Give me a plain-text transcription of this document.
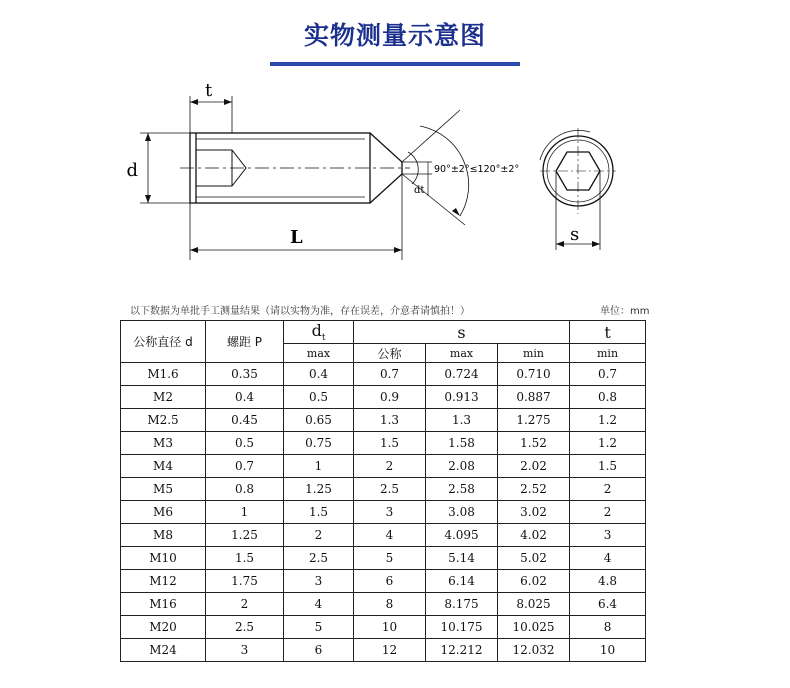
实物测量示意图
t
d
L
90°±2°≤120°±2°
dt
s
以下数据为单批手工测量结果（请以实物为准，存在误差，介意者请慎拍！）	单位：mm
公称直径 d	螺距 P	$d_t$	s			t
		max	公称	max	min	min
M1.6	0.35	0.4	0.7	0.724	0.710	0.7
M2	0.4	0.5	0.9	0.913	0.887	0.8
M2.5	0.45	0.65	1.3	1.3	1.275	1.2
M3	0.5	0.75	1.5	1.58	1.52	1.2
M4	0.7	1	2	2.08	2.02	1.5
M5	0.8	1.25	2.5	2.58	2.52	2
M6	1	1.5	3	3.08	3.02	2
M8	1.25	2	4	4.095	4.02	3
M10	1.5	2.5	5	5.14	5.02	4
M12	1.75	3	6	6.14	6.02	4.8
M16	2	4	8	8.175	8.025	6.4
M20	2.5	5	10	10.175	10.025	8
M24	3	6	12	12.212	12.032	10
